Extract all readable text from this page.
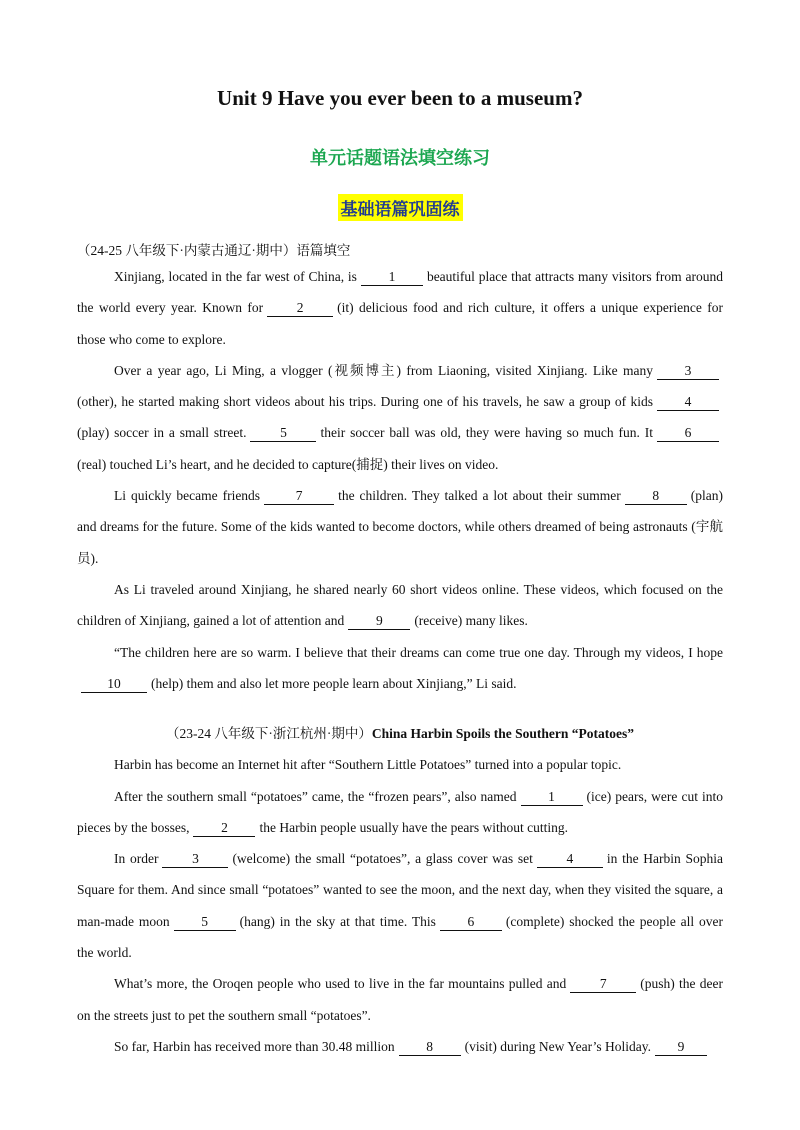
Unit 9 Have you ever been to a museum?
单元话题语法填空练习
基础语篇巩固练
（24-25 八年级下·内蒙古通辽·期中）语篇填空

Xinjiang, located in the far west of China, is 1 beautiful place that attracts many visitors from around the world every year. Known for 2 (it) delicious food and rich culture, it offers a unique experience for those who come to explore.

Over a year ago, Li Ming, a vlogger (视频博主) from Liaoning, visited Xinjiang. Like many 3(other), he started making short videos about his trips. During one of his travels, he saw a group of kids 4(play) soccer in a small street. 5 their soccer ball was old, they were having so much fun. It 6(real) touched Li’s heart, and he decided to capture(捕捉) their lives on video.

Li quickly became friends	7	the children. They talked a lot about their summer 8 (plan) and dreams for the future. Some of the kids wanted to become doctors, while others dreamed of being astronauts (宇航员).

As Li traveled around Xinjiang, he shared nearly 60 short videos online. These videos, which focused on the children of Xinjiang, gained a lot of attention and 9 (receive) many likes.

“The children here are so warm. I believe that their dreams can come true one day. Through my videos, I hope10 (help) them and also let more people learn about Xinjiang,” Li said.

（23-24 八年级下·浙江杭州·期中）China Harbin Spoils the Southern “Potatoes”

Harbin has become an Internet hit after “Southern Little Potatoes” turned into a popular topic.

After the southern small “potatoes” came, the “frozen pears”, also named 1 (ice) pears, were cut into pieces by the bosses, 2 the Harbin people usually have the pears without cutting.

In order 3 (welcome) the small “potatoes”, a glass cover was set 4 in the Harbin Sophia Square for them. And since small “potatoes” wanted to see the moon, and the next day, when they visited the square, a man-made moon 5 (hang) in the sky at that time. This 6 (complete) shocked the people all over the world.

What’s more, the Oroqen people who used to live in the far mountains pulled and 7 (push) the deer on the streets just to pet the southern small “potatoes”.

So far, Harbin has received more than 30.48 million 8 (visit) during New Year’s Holiday. 9
